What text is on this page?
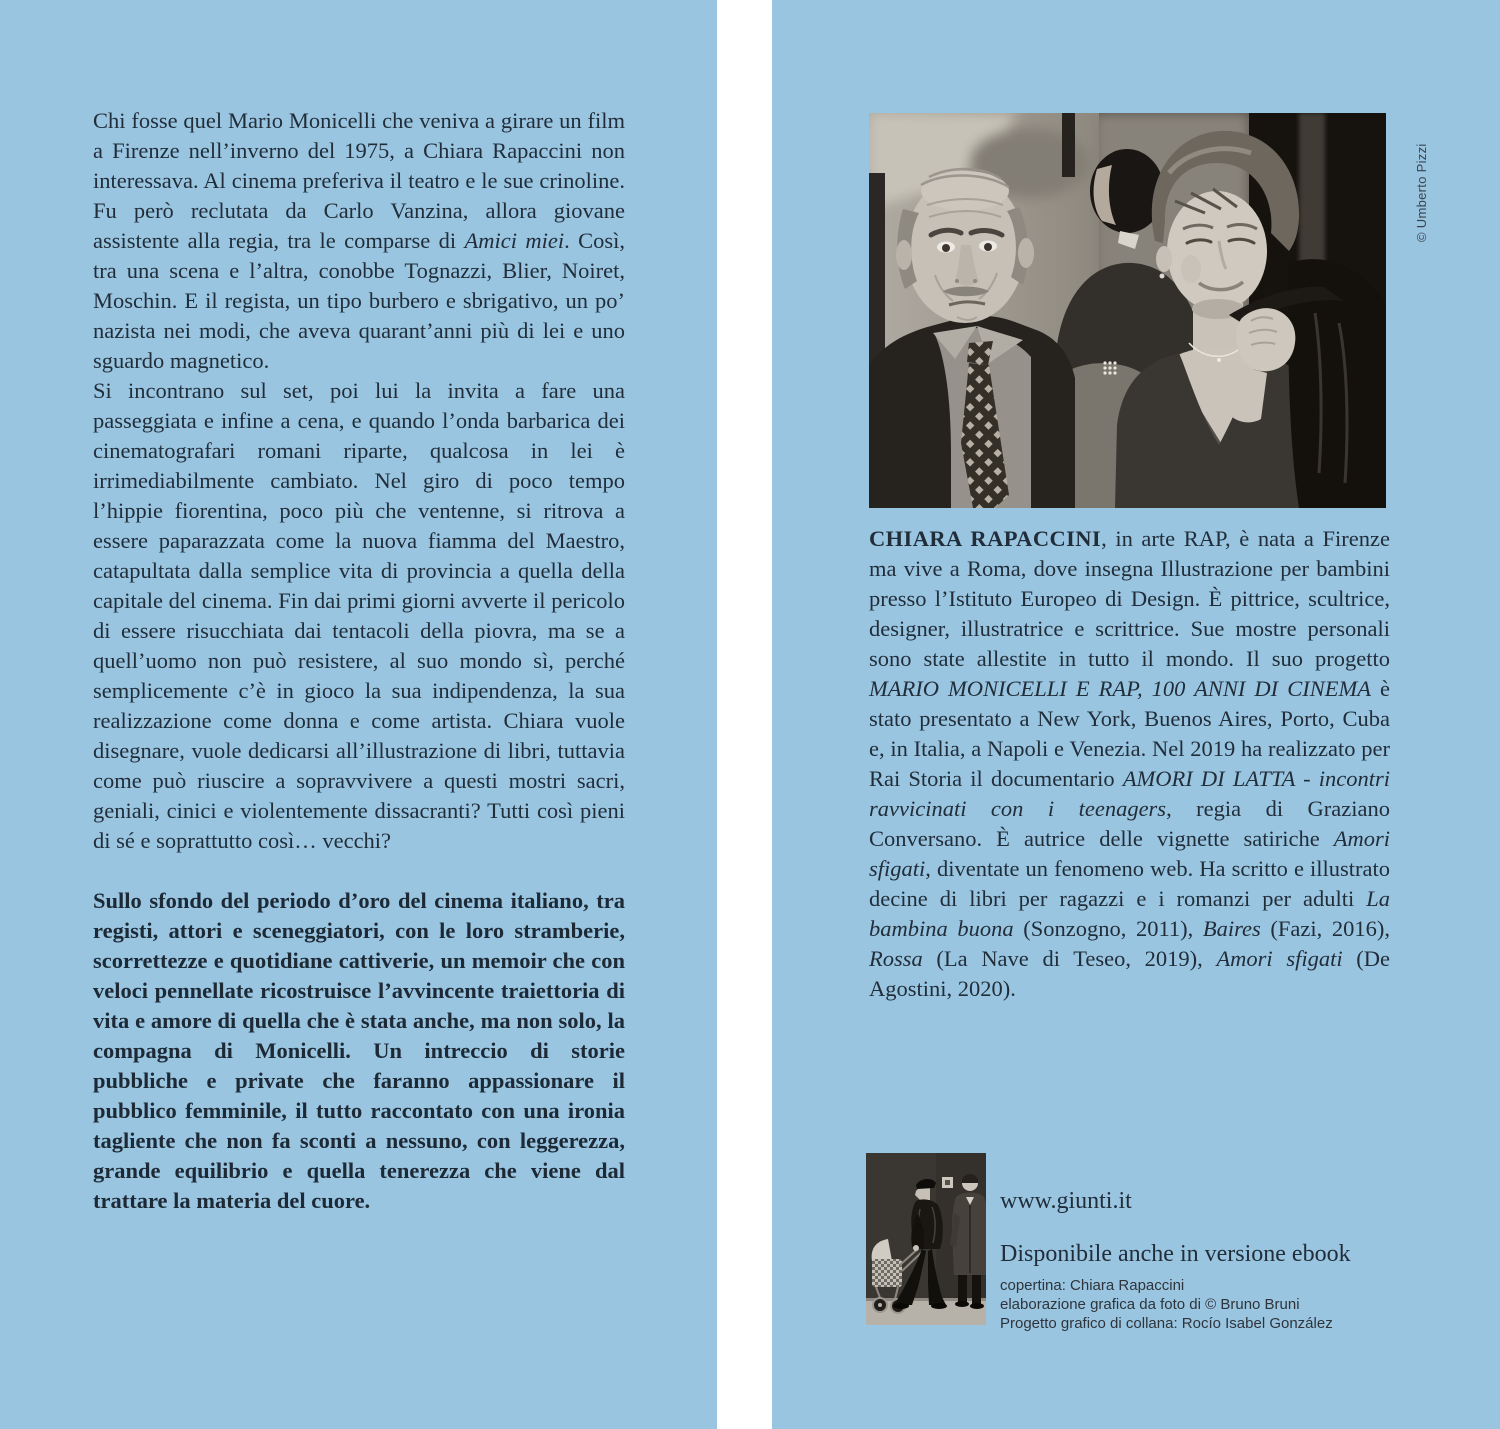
Chi fosse quel Mario Monicelli che veniva a girare un film a Firenze nell’inverno del 1975, a Chiara Rapaccini non interessava. Al cinema preferiva il teatro e le sue crinoline. Fu però reclutata da Carlo Vanzina, allora giovane assistente alla regia, tra le comparse di Amici miei. Così, tra una scena e l’altra, conobbe Tognazzi, Blier, Noiret, Moschin. E il regista, un tipo burbero e sbrigativo, un po’ nazista nei modi, che aveva quarant’anni più di lei e uno sguardo magnetico.

Si incontrano sul set, poi lui la invita a fare una passeggiata e infine a cena, e quando l’onda barbarica dei cinematografari romani riparte, qualcosa in lei è irrimediabilmente cambiato. Nel giro di poco tempo l’hippie fiorentina, poco più che ventenne, si ritrova a essere paparazzata come la nuova fiamma del Maestro, catapultata dalla semplice vita di provincia a quella della capitale del cinema. Fin dai primi giorni avverte il pericolo di essere risucchiata dai tentacoli della piovra, ma se a quell’uomo non può resistere, al suo mondo sì, perché semplicemente c’è in gioco la sua indipendenza, la sua realizzazione come donna e come artista. Chiara vuole disegnare, vuole dedicarsi all’illustrazione di libri, tuttavia come può riuscire a sopravvivere a questi mostri sacri, geniali, cinici e violentemente dissacranti? Tutti così pieni di sé e soprattutto così… vecchi?

Sullo sfondo del periodo d’oro del cinema italiano, tra registi, attori e sceneggiatori, con le loro stramberie, scorrettezze e quotidiane cattiverie, un memoir che con veloci pennellate ricostruisce l’avvincente traiettoria di vita e amore di quella che è stata anche, ma non solo, la compagna di Monicelli. Un intreccio di storie pubbliche e private che faranno appassionare il pubblico femminile, il tutto raccontato con una ironia tagliente che non fa sconti a nessuno, con leggerezza, grande equilibrio e quella tenerezza che viene dal trattare la materia del cuore.

© Umberto Pizzi

CHIARA RAPACCINI, in arte RAP, è nata a Firenze ma vive a Roma, dove insegna Illustrazione per bambini presso l’Istituto Europeo di Design. È pittrice, scultrice, designer, illustratrice e scrittrice. Sue mostre personali sono state allestite in tutto il mondo. Il suo progetto MARIO MONICELLI E RAP, 100 ANNI DI CINEMA è stato presentato a New York, Buenos Aires, Porto, Cuba e, in Italia, a Napoli e Venezia. Nel 2019 ha realizzato per Rai Storia il documentario AMORI DI LATTA - incontri ravvicinati con i teenagers, regia di Graziano Conversano. È autrice delle vignette satiriche Amori sfigati, diventate un fenomeno web. Ha scritto e illustrato decine di libri per ragazzi e i romanzi per adulti La bambina buona (Sonzogno, 2011), Baires (Fazi, 2016), Rossa (La Nave di Teseo, 2019), Amori sfigati (De Agostini, 2020).

www.giunti.it
Disponibile anche in versione ebook
copertina: Chiara Rapaccini
elaborazione grafica da foto di © Bruno Bruni
Progetto grafico di collana: Rocío Isabel González
